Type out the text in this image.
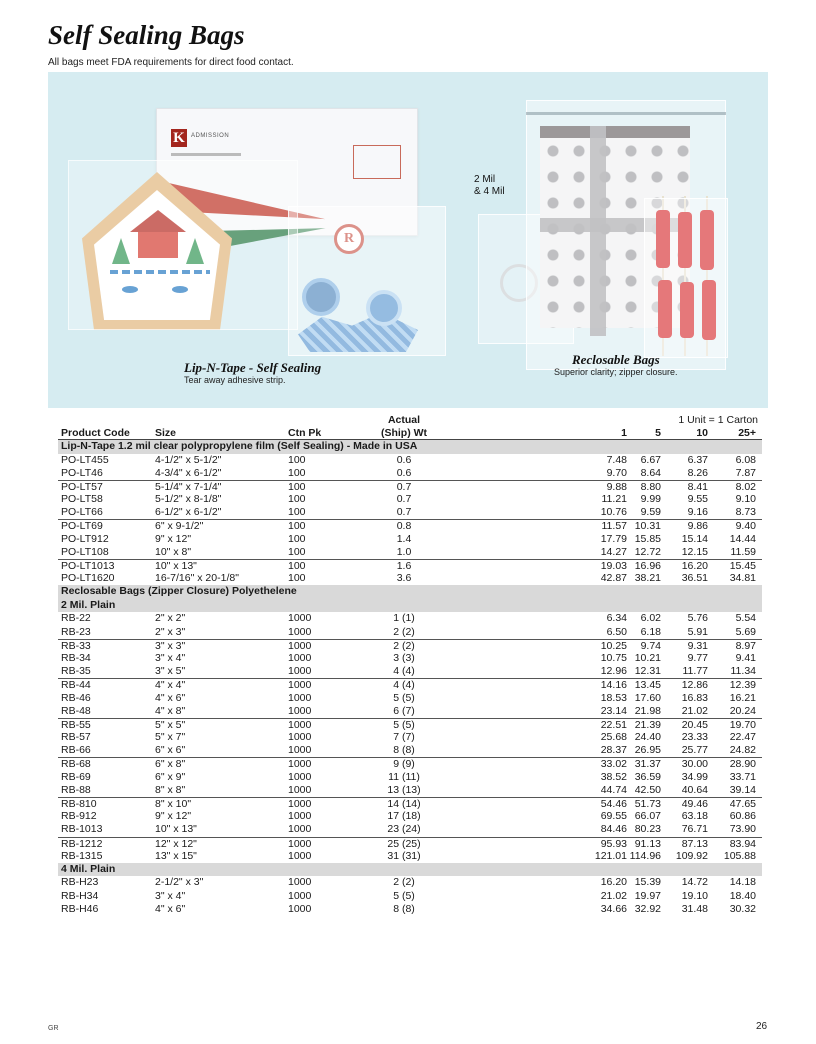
Self Sealing Bags
All bags meet FDA requirements for direct food contact.
K	ADMISSION
R
2 Mil
& 4 Mil
Lip-N-Tape - Self Sealing
Tear away adhesive strip.
Reclosable Bags
Superior clarity; zipper closure.
Actual	1 Unit = 1 Carton
Product Code Size	Ctn Pk	(Ship) Wt	1	5	10	25+
Lip-N-Tape 1.2 mil clear polypropylene film (Self Sealing) - Made in USA
PO-LT455	4-1/2" x 5-1/2"	100	0.6	7.48	6.67	6.37	6.08
PO-LT46	4-3/4" x 6-1/2"	100	0.6	9.70	8.64	8.26	7.87
PO-LT57	5-1/4" x 7-1/4"	100	0.7	9.88	8.80	8.41	8.02
PO-LT58	5-1/2" x 8-1/8"	100	0.7	11.21	9.99	9.55	9.10
PO-LT66	6-1/2" x 6-1/2"	100	0.7	10.76	9.59	9.16	8.73
PO-LT69	6" x 9-1/2"	100	0.8	11.57 10.31	9.86	9.40
PO-LT912	9" x 12"	100	1.4	17.79 15.85	15.14	14.44
PO-LT108	10" x 8"	100	1.0	14.27 12.72	12.15	11.59
PO-LT1013	10" x 13"	100	1.6	19.03 16.96	16.20	15.45
PO-LT1620	16-7/16" x 20-1/8"	100	3.6	42.87 38.21	36.51	34.81
Reclosable Bags (Zipper Closure) Polyethelene
2 Mil. Plain
RB-22	2" x 2"	1000	1 (1)	6.34	6.02	5.76	5.54
RB-23	2" x 3"	1000	2 (2)	6.50	6.18	5.91	5.69
RB-33	3" x 3"	1000	2 (2)	10.25	9.74	9.31	8.97
RB-34	3" x 4"	1000	3 (3)	10.75 10.21	9.77	9.41
RB-35	3" x 5"	1000	4 (4)	12.96 12.31	11.77	11.34
RB-44	4" x 4"	1000	4 (4)	14.16 13.45	12.86	12.39
RB-46	4" x 6"	1000	5 (5)	18.53 17.60	16.83	16.21
RB-48	4" x 8"	1000	6 (7)	23.14 21.98	21.02	20.24
RB-55	5" x 5"	1000	5 (5)	22.51 21.39	20.45	19.70
RB-57	5" x 7"	1000	7 (7)	25.68 24.40	23.33	22.47
RB-66	6" x 6"	1000	8 (8)	28.37 26.95	25.77	24.82
RB-68	6" x 8"	1000	9 (9)	33.02 31.37	30.00	28.90
RB-69	6" x 9"	1000	11 (11)	38.52 36.59	34.99	33.71
RB-88	8" x 8"	1000	13 (13)	44.74 42.50	40.64	39.14
RB-810	8" x 10"	1000	14 (14)	54.46 51.73	49.46	47.65
RB-912	9" x 12"	1000	17 (18)	69.55 66.07	63.18	60.86
RB-1013	10" x 13"	1000	23 (24)	84.46 80.23	76.71	73.90
RB-1212	12" x 12"	1000	25 (25)	95.93 91.13	87.13	83.94
RB-1315	13" x 15"	1000	31 (31)	121.01 114.96	109.92	105.88
4 Mil. Plain
RB-H23	2-1/2" x 3"	1000	2 (2)	16.20 15.39	14.72	14.18
RB-H34	3" x 4"	1000	5 (5)	21.02 19.97	19.10	18.40
RB-H46	4" x 6"	1000	8 (8)	34.66 32.92	31.48	30.32
GR	26
